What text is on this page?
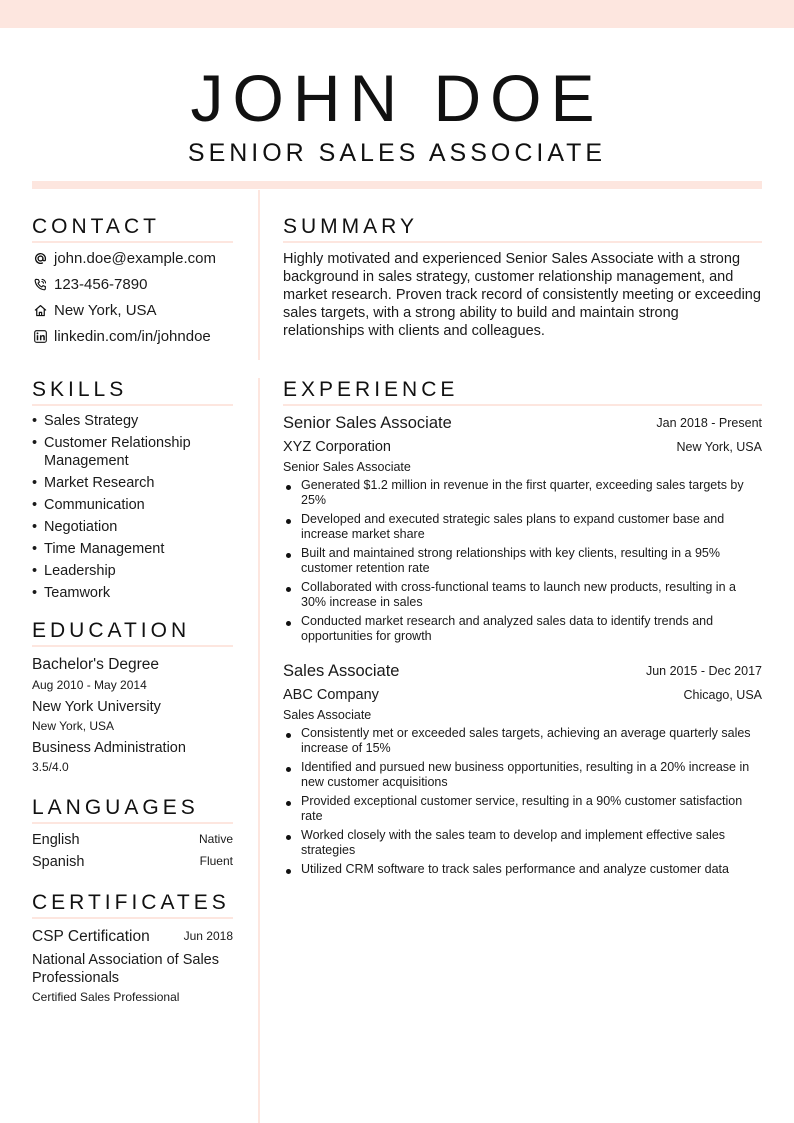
JOHN DOE
SENIOR SALES ASSOCIATE
CONTACT
john.doe@example.com
123-456-7890
New York, USA
linkedin.com/in/johndoe
SKILLS
• Sales Strategy
• Customer Relationship Management
• Market Research
• Communication
• Negotiation
• Time Management
• Leadership
• Teamwork
EDUCATION
Bachelor's Degree
Aug 2010 - May 2014
New York University
New York, USA
Business Administration
3.5/4.0
LANGUAGES
English	Native
Spanish	Fluent
CERTIFICATES
CSP Certification	Jun 2018
National Association of Sales Professionals
Certified Sales Professional
SUMMARY
Highly motivated and experienced Senior Sales Associate with a strong background in sales strategy, customer relationship management, and market research. Proven track record of consistently meeting or exceeding sales targets, with a strong ability to build and maintain strong relationships with clients and colleagues.
EXPERIENCE
Senior Sales Associate	Jan 2018 - Present
XYZ Corporation	New York, USA
Senior Sales Associate
Generated $1.2 million in revenue in the first quarter, exceeding sales targets by 25%
Developed and executed strategic sales plans to expand customer base and increase market share
Built and maintained strong relationships with key clients, resulting in a 95% customer retention rate
Collaborated with cross-functional teams to launch new products, resulting in a 30% increase in sales
Conducted market research and analyzed sales data to identify trends and opportunities for growth
Sales Associate	Jun 2015 - Dec 2017
ABC Company	Chicago, USA
Sales Associate
Consistently met or exceeded sales targets, achieving an average quarterly sales increase of 15%
Identified and pursued new business opportunities, resulting in a 20% increase in new customer acquisitions
Provided exceptional customer service, resulting in a 90% customer satisfaction rate
Worked closely with the sales team to develop and implement effective sales strategies
Utilized CRM software to track sales performance and analyze customer data
